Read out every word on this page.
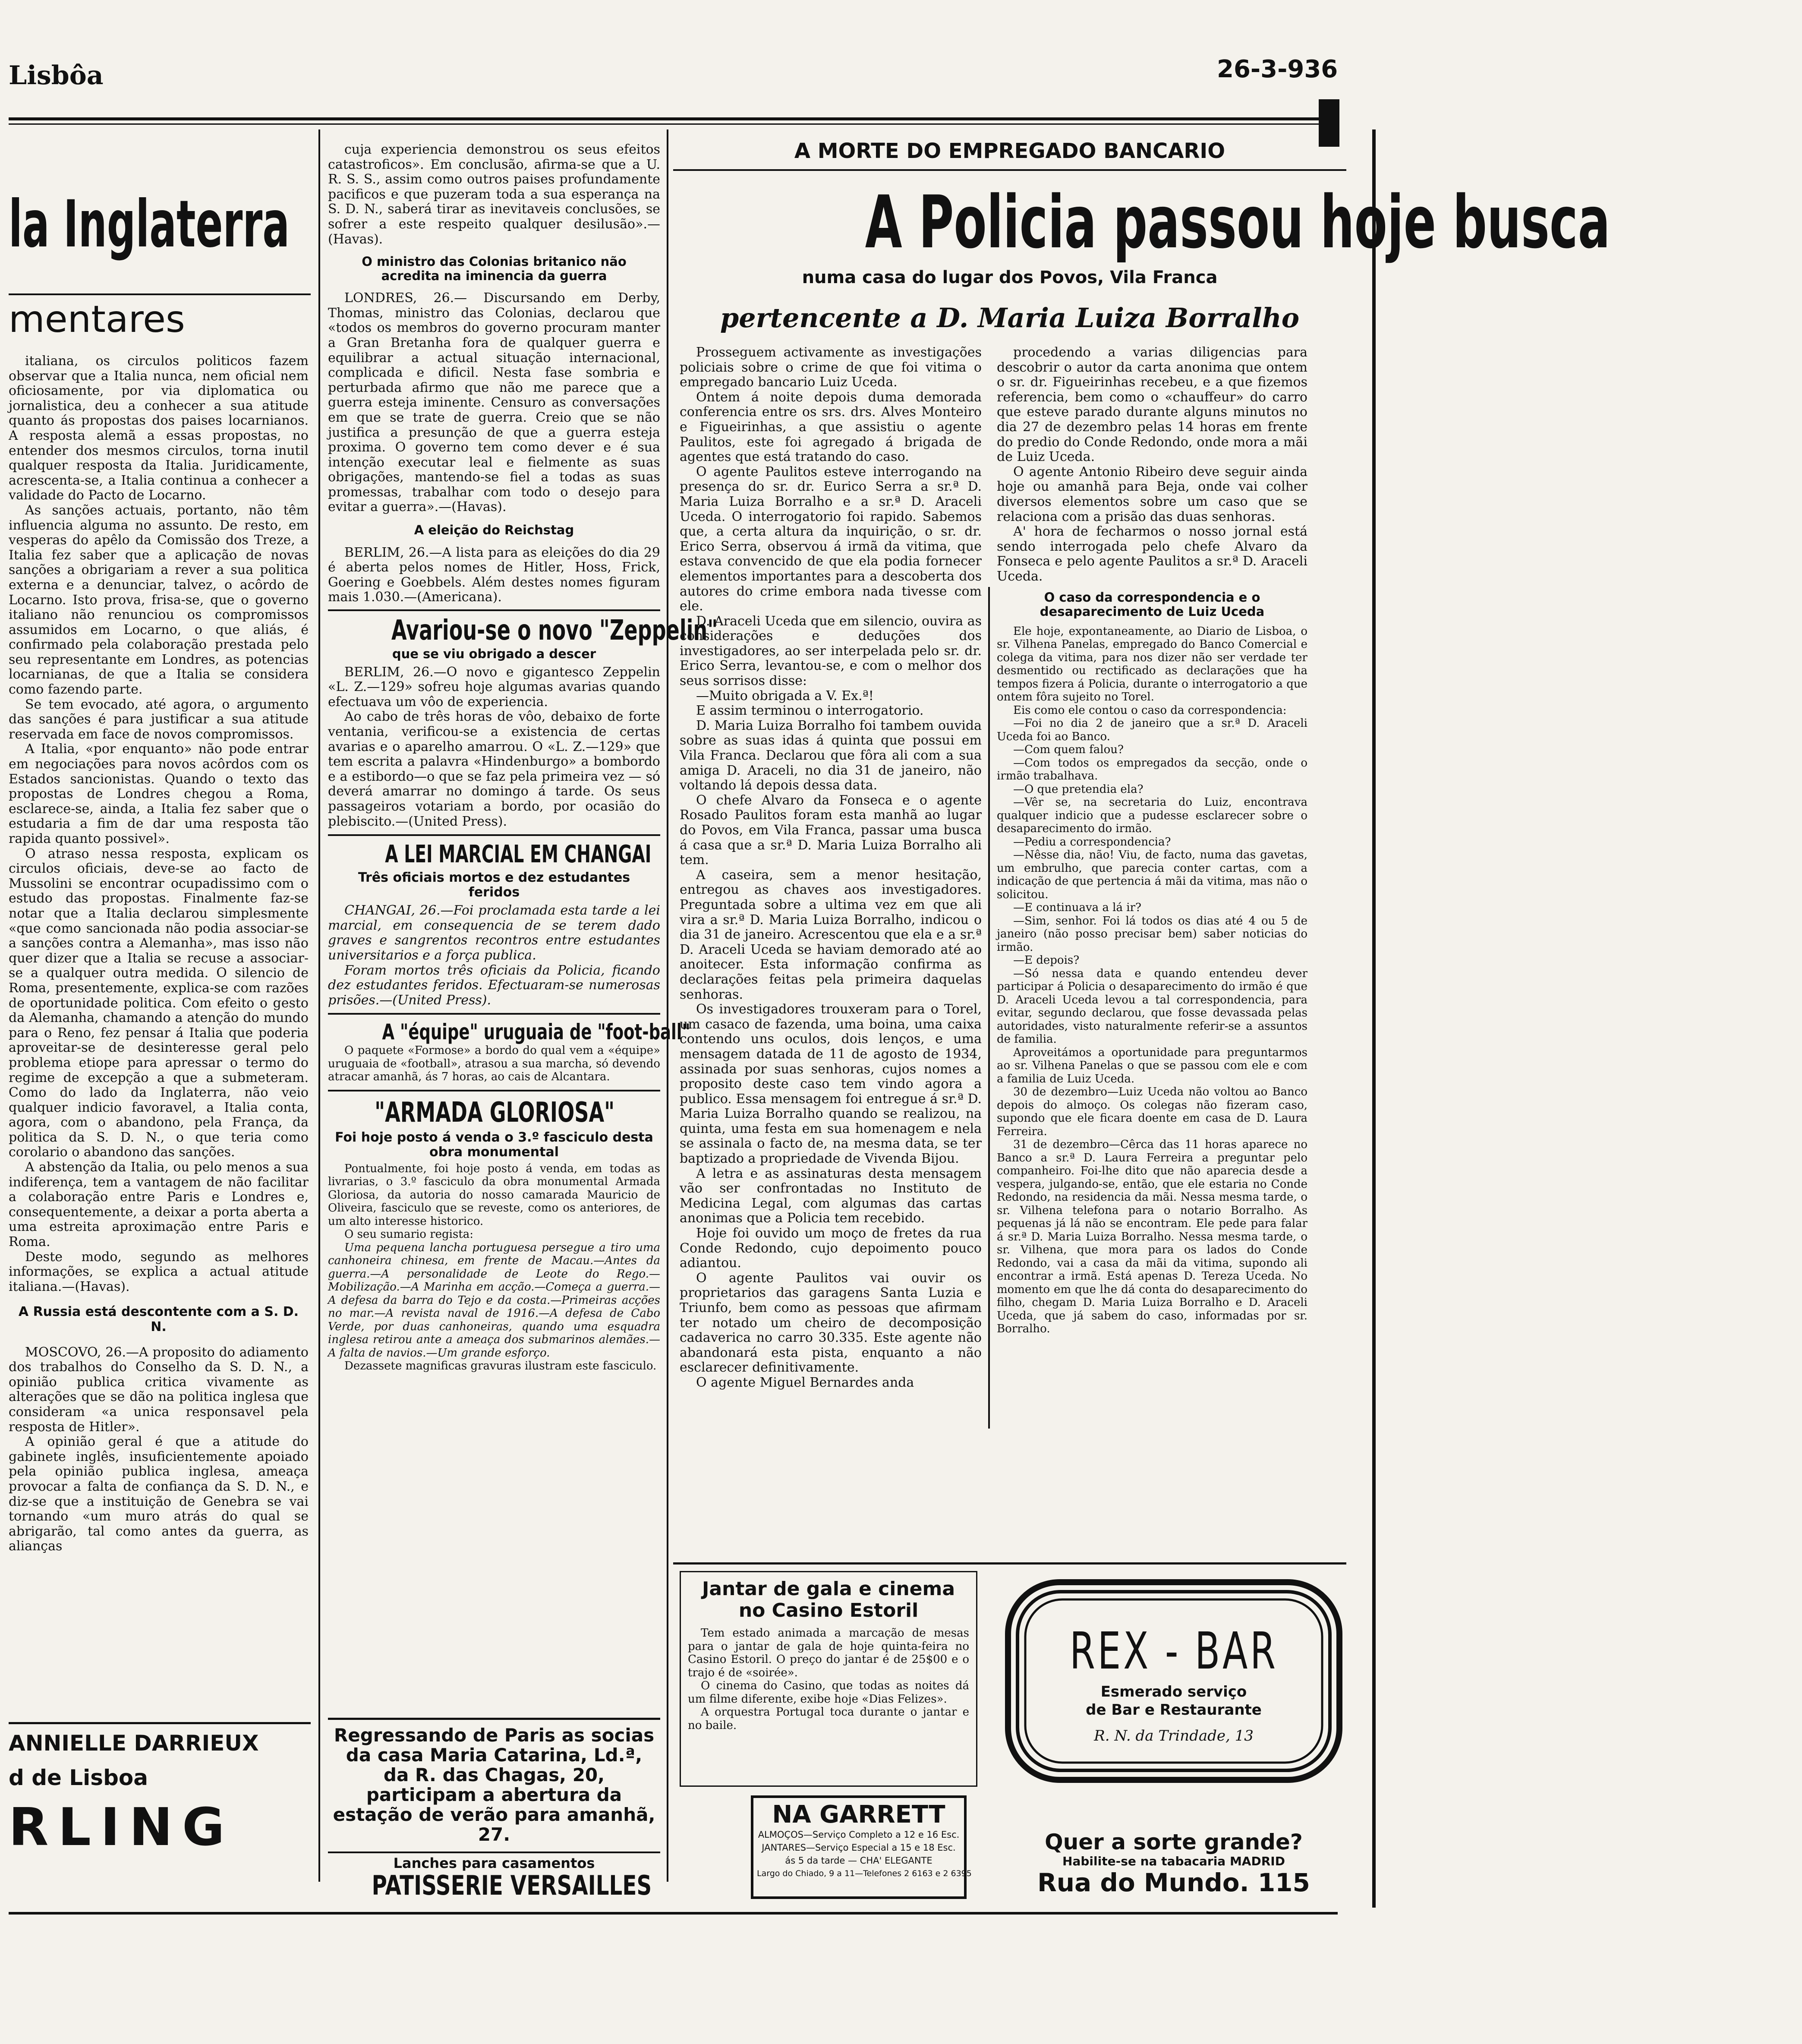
Lisbôa	26-3-936
la Inglaterra
mentares

italiana, os circulos politicos fazem observar que a Italia nunca, nem oficial nem oficiosamente, por via diplomatica ou jornalistica, deu a conhecer a sua atitude quanto ás propostas dos paises locarnianos. A resposta alemã a essas propostas, no entender dos mesmos circulos, torna inutil qualquer resposta da Italia. Juridicamente, acrescenta-se, a Italia continua a conhecer a validade do Pacto de Locarno.

As sanções actuais, portanto, não têm influencia alguma no assunto. De resto, em vesperas do apêlo da Comissão dos Treze, a Italia fez saber que a aplicação de novas sanções a obrigariam a rever a sua politica externa e a denunciar, talvez, o acôrdo de Locarno. Isto prova, frisa-se, que o governo italiano não renunciou os compromissos assumidos em Locarno, o que aliás, é confirmado pela colaboração prestada pelo seu representante em Londres, as potencias locarnianas, de que a Italia se considera como fazendo parte.

Se tem evocado, até agora, o argumento das sanções é para justificar a sua atitude reservada em face de novos compromissos.

A Italia, «por enquanto» não pode entrar em negociações para novos acôrdos com os Estados sancionistas. Quando o texto das propostas de Londres chegou a Roma, esclarece-se, ainda, a Italia fez saber que o estudaria a fim de dar uma resposta tão rapida quanto possivel».

O atraso nessa resposta, explicam os circulos oficiais, deve-se ao facto de Mussolini se encontrar ocupadissimo com o estudo das propostas. Finalmente faz-se notar que a Italia declarou simplesmente «que como sancionada não podia associar-se a sanções contra a Alemanha», mas isso não quer dizer que a Italia se recuse a associar-se a qualquer outra medida. O silencio de Roma, presentemente, explica-se com razões de oportunidade politica. Com efeito o gesto da Alemanha, chamando a atenção do mundo para o Reno, fez pensar á Italia que poderia aproveitar-se de desinteresse geral pelo problema etiope para apressar o termo do regime de excepção a que a submeteram. Como do lado da Inglaterra, não veio qualquer indicio favoravel, a Italia conta, agora, com o abandono, pela França, da politica da S. D. N., o que teria como corolario o abandono das sanções.

A abstenção da Italia, ou pelo menos a sua indiferença, tem a vantagem de não facilitar a colaboração entre Paris e Londres e, consequentemente, a deixar a porta aberta a uma estreita aproximação entre Paris e Roma.

Deste modo, segundo as melhores informações, se explica a actual atitude italiana.—(Havas).

A Russia está descontente com a S. D. N.

MOSCOVO, 26.—A proposito do adiamento dos trabalhos do Conselho da S. D. N., a opinião publica critica vivamente as alterações que se dão na politica inglesa que consideram «a unica responsavel pela resposta de Hitler».

A opinião geral é que a atitude do gabinete inglês, insuficientemente apoiado pela opinião publica inglesa, ameaça provocar a falta de confiança da S. D. N., e diz-se que a instituição de Genebra se vai tornando «um muro atrás do qual se abrigarão, tal como antes da guerra, as alianças

ANNIELLE DARRIEUX
d de Lisboa
RLING

cuja experiencia demonstrou os seus efeitos catastroficos». Em conclusão, afirma-se que a U. R. S. S., assim como outros paises profundamente pacificos e que puzeram toda a sua esperança na S. D. N., saberá tirar as inevitaveis conclusões, se sofrer a este respeito qualquer desilusão».—(Havas).

O ministro das Colonias britanico não acredita na iminencia da guerra

LONDRES, 26.— Discursando em Derby, Thomas, ministro das Colonias, declarou que «todos os membros do governo procuram manter a Gran Bretanha fora de qualquer guerra e equilibrar a actual situação internacional, complicada e dificil. Nesta fase sombria e perturbada afirmo que não me parece que a guerra esteja iminente. Censuro as conversações em que se trate de guerra. Creio que se não justifica a presunção de que a guerra esteja proxima. O governo tem como dever e é sua intenção executar leal e fielmente as suas obrigações, mantendo-se fiel a todas as suas promessas, trabalhar com todo o desejo para evitar a guerra».—(Havas).

A eleição do Reichstag

BERLIM, 26.—A lista para as eleições do dia 29 é aberta pelos nomes de Hitler, Hoss, Frick, Goering e Goebbels. Além destes nomes figuram mais 1.030.—(Americana).

Avariou-se o novo "Zeppelin"
que se viu obrigado a descer

BERLIM, 26.—O novo e gigantesco Zeppelin «L. Z.—129» sofreu hoje algumas avarias quando efectuava um vôo de experiencia.

Ao cabo de três horas de vôo, debaixo de forte ventania, verificou-se a existencia de certas avarias e o aparelho amarrou. O «L. Z.—129» que tem escrita a palavra «Hindenburgo» a bombordo e a estibordo—o que se faz pela primeira vez — só deverá amarrar no domingo á tarde. Os seus passageiros votariam a bordo, por ocasião do plebiscito.—(United Press).

A LEI MARCIAL EM CHANGAI
Três oficiais mortos e dez estudantes feridos

CHANGAI, 26.—Foi proclamada esta tarde a lei marcial, em consequencia de se terem dado graves e sangrentos recontros entre estudantes universitarios e a força publica.

Foram mortos três oficiais da Policia, ficando dez estudantes feridos. Efectuaram-se numerosas prisões.—(United Press).

A "équipe" uruguaia de "foot-ball"

O paquete «Formose» a bordo do qual vem a «équipe» uruguaia de «football», atrasou a sua marcha, só devendo atracar amanhã, ás 7 horas, ao cais de Alcantara.

"ARMADA GLORIOSA"
Foi hoje posto á venda o 3.º fasciculo desta obra monumental

Pontualmente, foi hoje posto á venda, em todas as livrarias, o 3.º fasciculo da obra monumental Armada Gloriosa, da autoria do nosso camarada Mauricio de Oliveira, fasciculo que se reveste, como os anteriores, de um alto interesse historico.

O seu sumario regista:

Uma pequena lancha portuguesa persegue a tiro uma canhoneira chinesa, em frente de Macau.—Antes da guerra.—A personalidade de Leote do Rego.—Mobilização.—A Marinha em acção.—Começa a guerra.—A defesa da barra do Tejo e da costa.—Primeiras acções no mar.—A revista naval de 1916.—A defesa de Cabo Verde, por duas canhoneiras, quando uma esquadra inglesa retirou ante a ameaça dos submarinos alemães.—A falta de navios.—Um grande esforço.

Dezassete magnificas gravuras ilustram este fasciculo.

Regressando de Paris as socias da casa Maria Catarina, Ld.ª, da R. das Chagas, 20, participam a abertura da estação de verão para amanhã, 27.
Lanches para casamentos
PATISSERIE VERSAILLES
A MORTE DO EMPREGADO BANCARIO
A Policia passou hoje busca
numa casa do lugar dos Povos, Vila Franca
pertencente a D. Maria Luiza Borralho

Prosseguem activamente as investigações policiais sobre o crime de que foi vitima o empregado bancario Luiz Uceda.

Ontem á noite depois duma demorada conferencia entre os srs. drs. Alves Monteiro e Figueirinhas, a que assistiu o agente Paulitos, este foi agregado á brigada de agentes que está tratando do caso.

O agente Paulitos esteve interrogando na presença do sr. dr. Eurico Serra a sr.ª D. Maria Luiza Borralho e a sr.ª D. Araceli Uceda. O interrogatorio foi rapido. Sabemos que, a certa altura da inquirição, o sr. dr. Erico Serra, observou á irmã da vitima, que estava convencido de que ela podia fornecer elementos importantes para a descoberta dos autores do crime embora nada tivesse com ele.

D. Araceli Uceda que em silencio, ouvira as considerações e deduções dos investigadores, ao ser interpelada pelo sr. dr. Erico Serra, levantou-se, e com o melhor dos seus sorrisos disse:

—Muito obrigada a V. Ex.ª!

E assim terminou o interrogatorio.

D. Maria Luiza Borralho foi tambem ouvida sobre as suas idas á quinta que possui em Vila Franca. Declarou que fôra ali com a sua amiga D. Araceli, no dia 31 de janeiro, não voltando lá depois dessa data.

O chefe Alvaro da Fonseca e o agente Rosado Paulitos foram esta manhã ao lugar do Povos, em Vila Franca, passar uma busca á casa que a sr.ª D. Maria Luiza Borralho ali tem.

A caseira, sem a menor hesitação, entregou as chaves aos investigadores. Preguntada sobre a ultima vez em que ali vira a sr.ª D. Maria Luiza Borralho, indicou o dia 31 de janeiro. Acrescentou que ela e a sr.ª D. Araceli Uceda se haviam demorado até ao anoitecer. Esta informação confirma as declarações feitas pela primeira daquelas senhoras.

Os investigadores trouxeram para o Torel, um casaco de fazenda, uma boina, uma caixa contendo uns oculos, dois lenços, e uma mensagem datada de 11 de agosto de 1934, assinada por suas senhoras, cujos nomes a proposito deste caso tem vindo agora a publico. Essa mensagem foi entregue á sr.ª D. Maria Luiza Borralho quando se realizou, na quinta, uma festa em sua homenagem e nela se assinala o facto de, na mesma data, se ter baptizado a propriedade de Vivenda Bijou.

A letra e as assinaturas desta mensagem vão ser confrontadas no Instituto de Medicina Legal, com algumas das cartas anonimas que a Policia tem recebido.

Hoje foi ouvido um moço de fretes da rua Conde Redondo, cujo depoimento pouco adiantou.

O agente Paulitos vai ouvir os proprietarios das garagens Santa Luzia e Triunfo, bem como as pessoas que afirmam ter notado um cheiro de decomposição cadaverica no carro 30.335. Este agente não abandonará esta pista, enquanto a não esclarecer definitivamente.

O agente Miguel Bernardes anda

procedendo a varias diligencias para descobrir o autor da carta anonima que ontem o sr. dr. Figueirinhas recebeu, e a que fizemos referencia, bem como o «chauffeur» do carro que esteve parado durante alguns minutos no dia 27 de dezembro pelas 14 horas em frente do predio do Conde Redondo, onde mora a mãi de Luiz Uceda.

O agente Antonio Ribeiro deve seguir ainda hoje ou amanhã para Beja, onde vai colher diversos elementos sobre um caso que se relaciona com a prisão das duas senhoras.

A' hora de fecharmos o nosso jornal está sendo interrogada pelo chefe Alvaro da Fonseca e pelo agente Paulitos a sr.ª D. Araceli Uceda.

O caso da correspondencia e o desaparecimento de Luiz Uceda

Ele hoje, expontaneamente, ao Diario de Lisboa, o sr. Vilhena Panelas, empregado do Banco Comercial e colega da vitima, para nos dizer não ser verdade ter desmentido ou rectificado as declarações que ha tempos fizera á Policia, durante o interrogatorio a que ontem fôra sujeito no Torel.

Eis como ele contou o caso da correspondencia:

—Foi no dia 2 de janeiro que a sr.ª D. Araceli Uceda foi ao Banco.

—Com quem falou?

—Com todos os empregados da secção, onde o irmão trabalhava.

—O que pretendia ela?

—Vêr se, na secretaria do Luiz, encontrava qualquer indicio que a pudesse esclarecer sobre o desaparecimento do irmão.

—Pediu a correspondencia?

—Nêsse dia, não! Viu, de facto, numa das gavetas, um embrulho, que parecia conter cartas, com a indicação de que pertencia á mãi da vitima, mas não o solicitou.

—E continuava a lá ir?

—Sim, senhor. Foi lá todos os dias até 4 ou 5 de janeiro (não posso precisar bem) saber noticias do irmão.

—E depois?

—Só nessa data e quando entendeu dever participar á Policia o desaparecimento do irmão é que D. Araceli Uceda levou a tal correspondencia, para evitar, segundo declarou, que fosse devassada pelas autoridades, visto naturalmente referir-se a assuntos de familia.

Aproveitámos a oportunidade para preguntarmos ao sr. Vilhena Panelas o que se passou com ele e com a familia de Luiz Uceda.

30 de dezembro—Luiz Uceda não voltou ao Banco depois do almoço. Os colegas não fizeram caso, supondo que ele ficara doente em casa de D. Laura Ferreira.

31 de dezembro—Cêrca das 11 horas aparece no Banco a sr.ª D. Laura Ferreira a preguntar pelo companheiro. Foi-lhe dito que não aparecia desde a vespera, julgando-se, então, que ele estaria no Conde Redondo, na residencia da mãi. Nessa mesma tarde, o sr. Vilhena telefona para o notario Borralho. As pequenas já lá não se encontram. Ele pede para falar á sr.ª D. Maria Luiza Borralho. Nessa mesma tarde, o sr. Vilhena, que mora para os lados do Conde Redondo, vai a casa da mãi da vitima, supondo ali encontrar a irmã. Está apenas D. Tereza Uceda. No momento em que lhe dá conta do desaparecimento do filho, chegam D. Maria Luiza Borralho e D. Araceli Uceda, que já sabem do caso, informadas por sr. Borralho.

Jantar de gala e cinema no Casino Estoril

Tem estado animada a marcação de mesas para o jantar de gala de hoje quinta-feira no Casino Estoril. O preço do jantar é de 25$00 e o trajo é de «soirée».

O cinema do Casino, que todas as noites dá um filme diferente, exibe hoje «Dias Felizes».

A orquestra Portugal toca durante o jantar e no baile.

NA GARRETT
ALMOÇOS—Serviço Completo a 12 e 16 Esc.
JANTARES—Serviço Especial a 15 e 18 Esc.
ás 5 da tarde — CHA' ELEGANTE
Largo do Chiado, 9 a 11—Telefones 2 6163 e 2 6395
REX - BAR
Esmerado serviço
de Bar e Restaurante
R. N. da Trindade, 13
Quer a sorte grande?
Habilite-se na tabacaria MADRID
Rua do Mundo. 115
